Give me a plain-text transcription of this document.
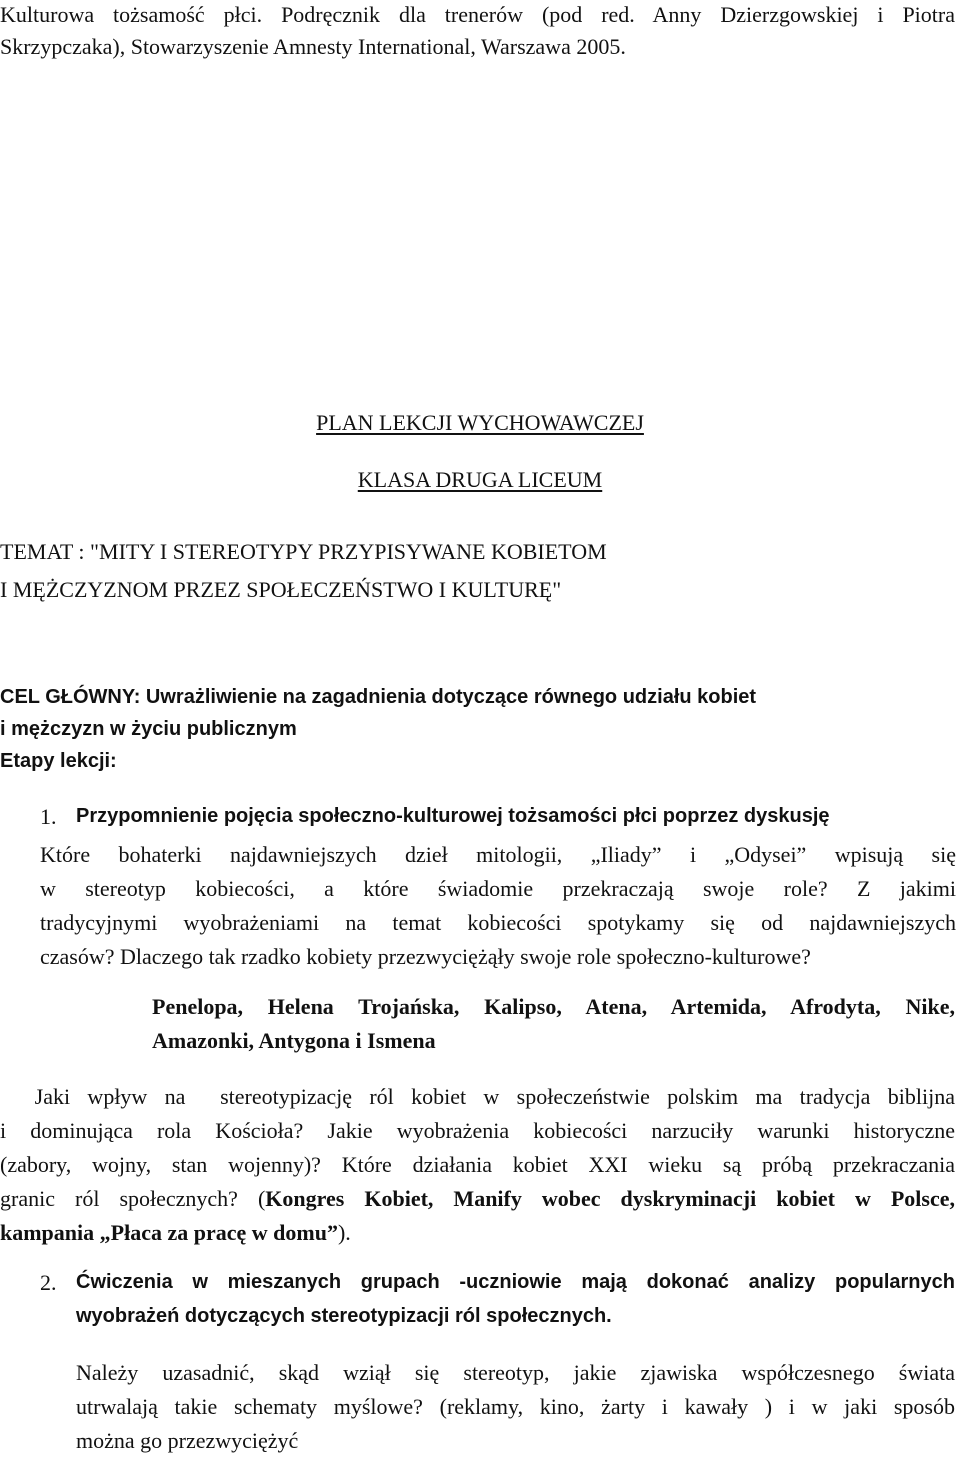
Kulturowa tożsamość płci. Podręcznik dla trenerów (pod red. Anny Dzierzgowskiej i Piotra
Skrzypczaka), Stowarzyszenie Amnesty International, Warszawa 2005.
PLAN LEKCJI WYCHOWAWCZEJ
KLASA DRUGA LICEUM
TEMAT : "MITY I STEREOTYPY PRZYPISYWANE KOBIETOM
I MĘŻCZYZNOM PRZEZ SPOŁECZEŃSTWO I KULTURĘ"
CEL GŁÓWNY: Uwrażliwienie na zagadnienia dotyczące równego udziału kobiet
i mężczyzn w życiu publicznym
Etapy lekcji:
1. Przypomnienie pojęcia społeczno-kulturowej tożsamości płci poprzez dyskusję
Które bohaterki najdawniejszych dzieł mitologii, „Iliady” i „Odysei” wpisują się
w stereotyp kobiecości, a które świadomie przekraczają swoje role? Z jakimi
tradycyjnymi wyobrażeniami na temat kobiecości spotykamy się od najdawniejszych
czasów? Dlaczego tak rzadko kobiety przezwyciężąły swoje role społeczno-kulturowe?
Penelopa, Helena Trojańska, Kalipso, Atena, Artemida, Afrodyta, Nike,
Amazonki, Antygona i Ismena
Jaki wpływ na  stereotypizację ról kobiet w społeczeństwie polskim ma tradycja biblijna
i dominująca rola Kościoła? Jakie wyobrażenia kobiecości narzuciły warunki historyczne
(zabory, wojny, stan wojenny)? Które działania kobiet XXI wieku są próbą przekraczania
granic ról społecznych? (Kongres Kobiet, Manify wobec dyskryminacji kobiet w Polsce,
kampania „Płaca za pracę w domu”).
2. Ćwiczenia w mieszanych grupach -uczniowie mają dokonać analizy popularnych
wyobrażeń dotyczących stereotypizacji ról społecznych.
Należy uzasadnić, skąd wziął się stereotyp, jakie zjawiska współczesnego świata
utrwalają takie schematy myślowe? (reklamy, kino, żarty i kawały ) i w jaki sposób
można go przezwyciężyć
